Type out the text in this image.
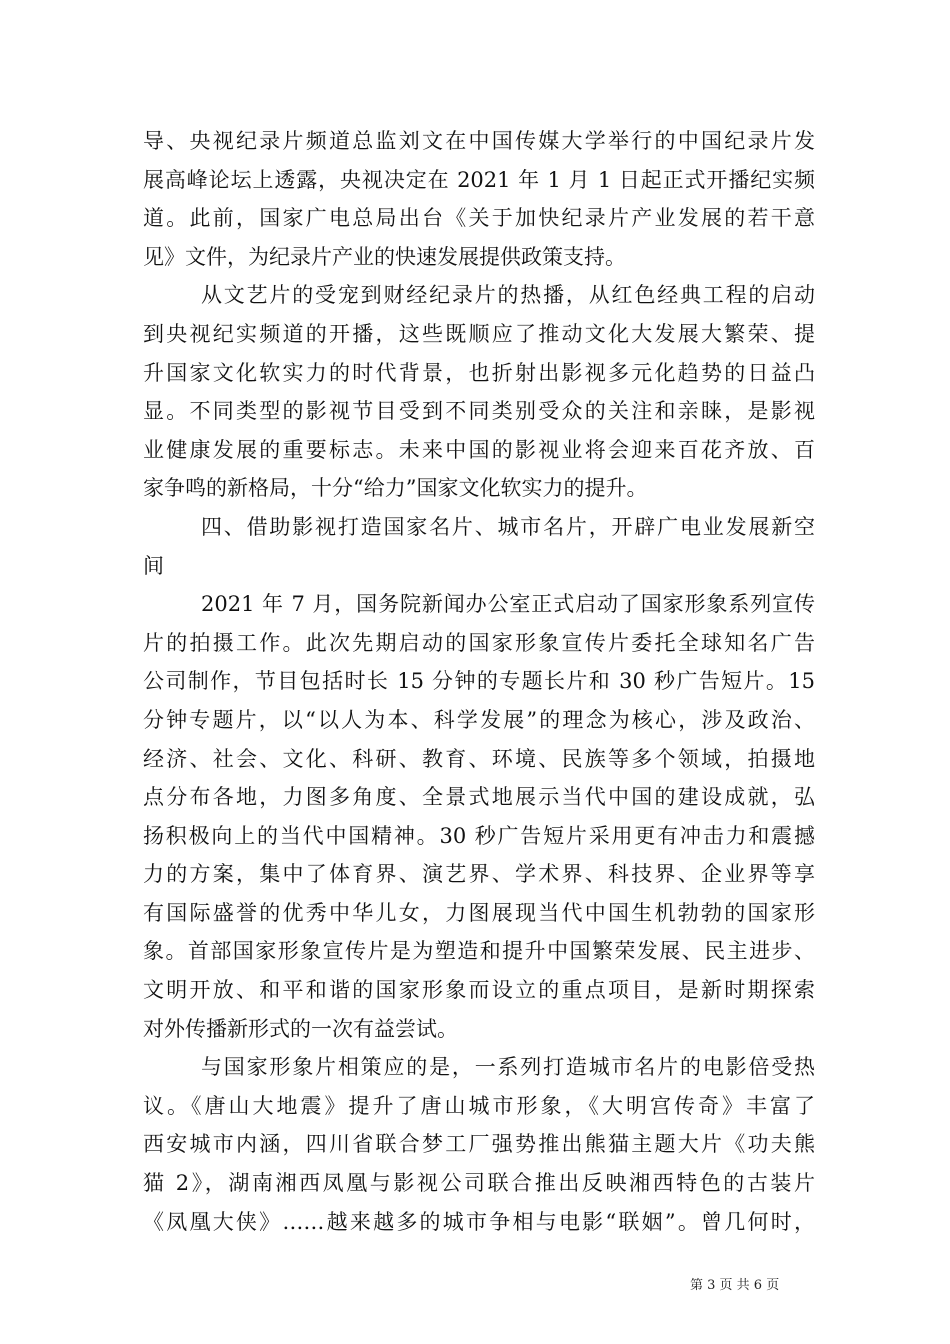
导、央视纪录片频道总监刘文在中国传媒大学举行的中国纪录片发
展高峰论坛上透露，央视决定在 2021 年 1 月 1 日起正式开播纪实频
道。此前，国家广电总局出台《关于加快纪录片产业发展的若干意
见》文件，为纪录片产业的快速发展提供政策支持。
从文艺片的受宠到财经纪录片的热播，从红色经典工程的启动
到央视纪实频道的开播，这些既顺应了推动文化大发展大繁荣、提
升国家文化软实力的时代背景，也折射出影视多元化趋势的日益凸
显。不同类型的影视节目受到不同类别受众的关注和亲睐，是影视
业健康发展的重要标志。未来中国的影视业将会迎来百花齐放、百
家争鸣的新格局，十分“给力”国家文化软实力的提升。
四、借助影视打造国家名片、城市名片，开辟广电业发展新空
间
2021 年 7 月，国务院新闻办公室正式启动了国家形象系列宣传
片的拍摄工作。此次先期启动的国家形象宣传片委托全球知名广告
公司制作，节目包括时长 15 分钟的专题长片和 30 秒广告短片。15
分钟专题片，以“以人为本、科学发展”的理念为核心，涉及政治、
经济、社会、文化、科研、教育、环境、民族等多个领域，拍摄地
点分布各地，力图多角度、全景式地展示当代中国的建设成就，弘
扬积极向上的当代中国精神。30 秒广告短片采用更有冲击力和震撼
力的方案，集中了体育界、演艺界、学术界、科技界、企业界等享
有国际盛誉的优秀中华儿女，力图展现当代中国生机勃勃的国家形
象。首部国家形象宣传片是为塑造和提升中国繁荣发展、民主进步、
文明开放、和平和谐的国家形象而设立的重点项目，是新时期探索
对外传播新形式的一次有益尝试。
与国家形象片相策应的是，一系列打造城市名片的电影倍受热
议。《唐山大地震》提升了唐山城市形象，《大明宫传奇》丰富了
西安城市内涵，四川省联合梦工厂强势推出熊猫主题大片《功夫熊
猫 2》，湖南湘西凤凰与影视公司联合推出反映湘西特色的古装片
《凤凰大侠》……越来越多的城市争相与电影“联姻”。曾几何时，
第 3 页 共 6 页
